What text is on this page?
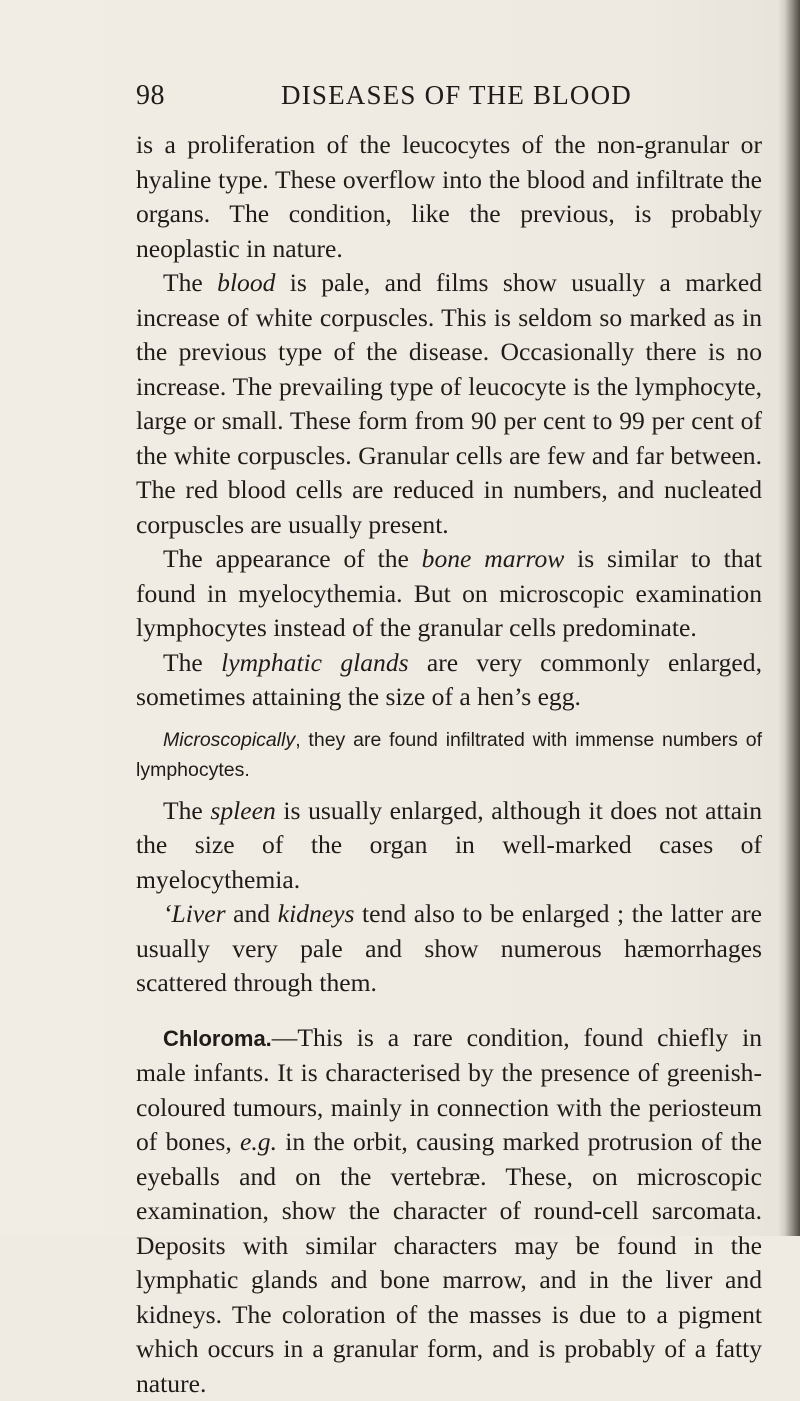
98	DISEASES OF THE BLOOD

is a proliferation of the leucocytes of the non-granular or hyaline type. These overflow into the blood and infiltrate the organs. The condition, like the previous, is probably neoplastic in nature.

The blood is pale, and films show usually a marked increase of white corpuscles. This is seldom so marked as in the previous type of the disease. Occasionally there is no increase. The prevailing type of leucocyte is the lymphocyte, large or small. These form from 90 per cent to 99 per cent of the white corpuscles. Granular cells are few and far between. The red blood cells are reduced in numbers, and nucleated corpuscles are usually present.

The appearance of the bone marrow is similar to that found in myelocythemia. But on microscopic examination lymphocytes instead of the granular cells predominate.

The lymphatic glands are very commonly enlarged, sometimes attaining the size of a hen’s egg.

Microscopically, they are found infiltrated with immense numbers of lymphocytes.

The spleen is usually enlarged, although it does not attain the size of the organ in well-marked cases of myelocythemia.

‘Liver and kidneys tend also to be enlarged ; the latter are usually very pale and show numerous hæmorrhages scattered through them.

Chloroma.—This is a rare condition, found chiefly in male infants. It is characterised by the presence of greenish-coloured tumours, mainly in connection with the periosteum of bones, e.g. in the orbit, causing marked protrusion of the eyeballs and on the vertebræ. These, on microscopic examination, show the character of round-cell sarcomata. Deposits with similar characters may be found in the lymphatic glands and bone marrow, and in the liver and kidneys. The coloration of the masses is due to a pigment which occurs in a granular form, and is probably of a fatty nature.
